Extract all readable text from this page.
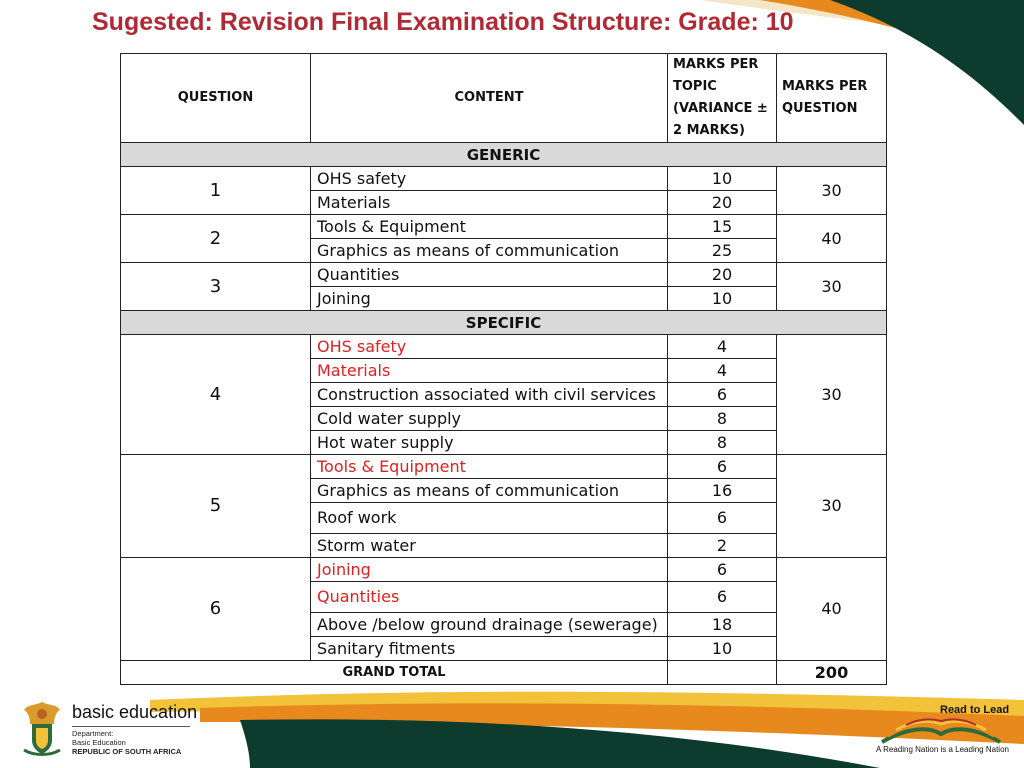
Sugested: Revision Final Examination Structure: Grade: 10
QUESTION	CONTENT	MARKS PER TOPIC (VARIANCE ± 2 MARKS)	MARKS PER QUESTION
GENERIC			
1	OHS safety	10	30
	Materials	20	
2	Tools & Equipment	15	40
	Graphics as means of communication	25	
3	Quantities	20	30
	Joining	10	
SPECIFIC			
4	OHS safety	4	30
	Materials	4	
	Construction associated with civil services	6	
	Cold water supply	8	
	Hot water supply	8	
5	Tools & Equipment	6	30
	Graphics as means of communication	16	
	Roof work	6	
	Storm water	2	
6	Joining	6	40
	Quantities	6	
	Above /below ground drainage (sewerage)	18	
	Sanitary fitments	10	
GRAND TOTAL			200
basic education
Department:
Basic Education
REPUBLIC OF SOUTH AFRICA
Read to Lead
A Reading Nation is a Leading Nation
